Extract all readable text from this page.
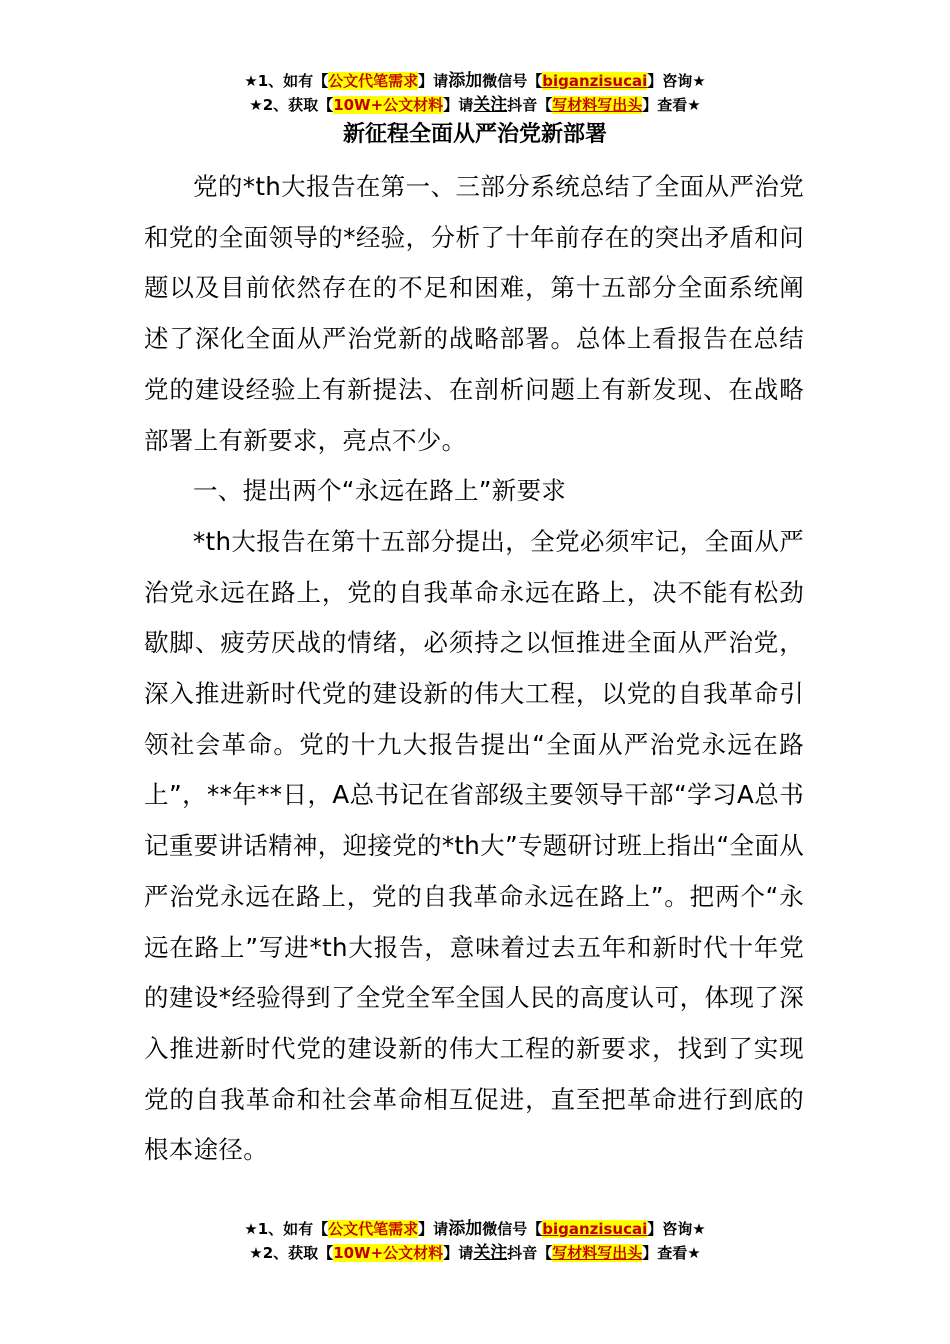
★1、如有【公文代笔需求】请添加微信号【biganzisucai】咨询★
★2、获取【10W+公文材料】请关注抖音【写材料写出头】查看★
新征程全面从严治党新部署

党的*th大报告在第一、三部分系统总结了全面从严治党和党的全面领导的*经验，分析了十年前存在的突出矛盾和问题以及目前依然存在的不足和困难，第十五部分全面系统阐述了深化全面从严治党新的战略部署。总体上看报告在总结党的建设经验上有新提法、在剖析问题上有新发现、在战略部署上有新要求，亮点不少。

一、提出两个“永远在路上”新要求

*th大报告在第十五部分提出，全党必须牢记，全面从严治党永远在路上，党的自我革命永远在路上，决不能有松劲歇脚、疲劳厌战的情绪，必须持之以恒推进全面从严治党，深入推进新时代党的建设新的伟大工程，以党的自我革命引领社会革命。党的十九大报告提出“全面从严治党永远在路上”，**年**日，A总书记在省部级主要领导干部“学习A总书记重要讲话精神，迎接党的*th大”专题研讨班上指出“全面从严治党永远在路上，党的自我革命永远在路上”。把两个“永远在路上”写进*th大报告，意味着过去五年和新时代十年党的建设*经验得到了全党全军全国人民的高度认可，体现了深入推进新时代党的建设新的伟大工程的新要求，找到了实现党的自我革命和社会革命相互促进，直至把革命进行到底的根本途径。

★1、如有【公文代笔需求】请添加微信号【biganzisucai】咨询★
★2、获取【10W+公文材料】请关注抖音【写材料写出头】查看★
